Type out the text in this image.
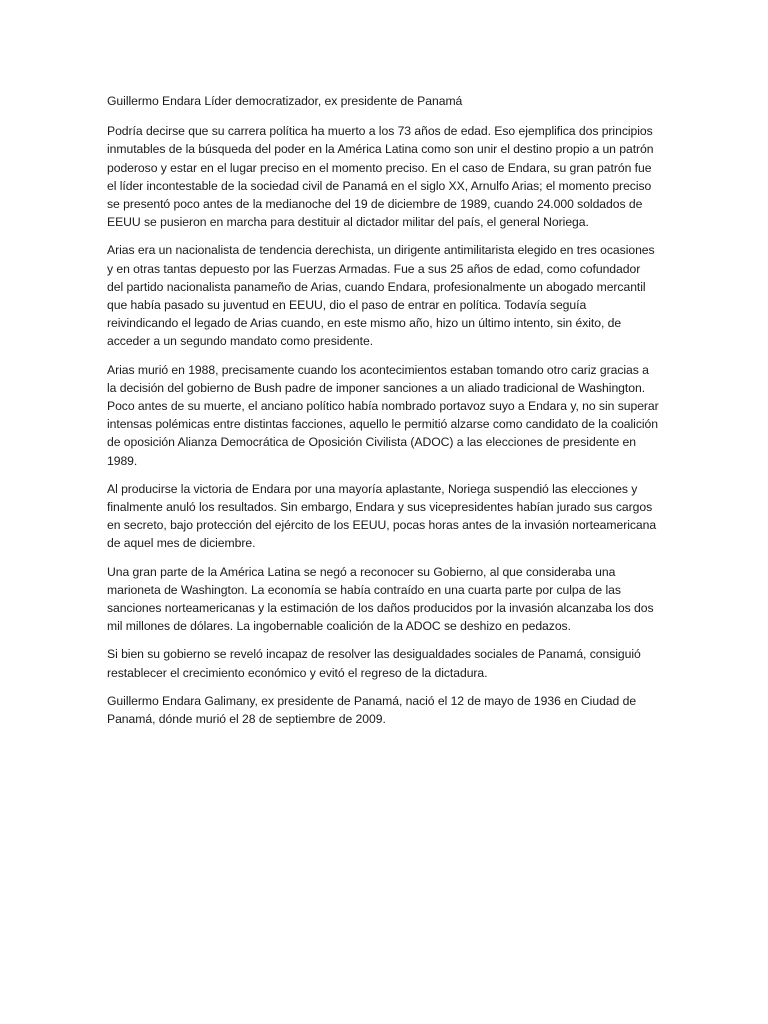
Guillermo Endara Líder democratizador, ex presidente de Panamá

Podría decirse que su carrera política ha muerto a los 73 años de edad. Eso ejemplifica dos principios inmutables de la búsqueda del poder en la América Latina como son unir el destino propio a un patrón poderoso y estar en el lugar preciso en el momento preciso. En el caso de Endara, su gran patrón fue el líder incontestable de la sociedad civil de Panamá en el siglo XX, Arnulfo Arias; el momento preciso se presentó poco antes de la medianoche del 19 de diciembre de 1989, cuando 24.000 soldados de EEUU se pusieron en marcha para destituir al dictador militar del país, el general Noriega.

Arias era un nacionalista de tendencia derechista, un dirigente antimilitarista elegido en tres ocasiones y en otras tantas depuesto por las Fuerzas Armadas. Fue a sus 25 años de edad, como cofundador del partido nacionalista panameño de Arias, cuando Endara, profesionalmente un abogado mercantil que había pasado su juventud en EEUU, dio el paso de entrar en política. Todavía seguía reivindicando el legado de Arias cuando, en este mismo año, hizo un último intento, sin éxito, de acceder a un segundo mandato como presidente.

Arias murió en 1988, precisamente cuando los acontecimientos estaban tomando otro cariz gracias a la decisión del gobierno de Bush padre de imponer sanciones a un aliado tradicional de Washington. Poco antes de su muerte, el anciano político había nombrado portavoz suyo a Endara y, no sin superar intensas polémicas entre distintas facciones, aquello le permitió alzarse como candidato de la coalición de oposición Alianza Democrática de Oposición Civilista (ADOC) a las elecciones de presidente en 1989.

Al producirse la victoria de Endara por una mayoría aplastante, Noriega suspendió las elecciones y finalmente anuló los resultados. Sin embargo, Endara y sus vicepresidentes habían jurado sus cargos en secreto, bajo protección del ejército de los EEUU, pocas horas antes de la invasión norteamericana de aquel mes de diciembre.

Una gran parte de la América Latina se negó a reconocer su Gobierno, al que consideraba una marioneta de Washington. La economía se había contraído en una cuarta parte por culpa de las sanciones norteamericanas y la estimación de los daños producidos por la invasión alcanzaba los dos mil millones de dólares. La ingobernable coalición de la ADOC se deshizo en pedazos.

Si bien su gobierno se reveló incapaz de resolver las desigualdades sociales de Panamá, consiguió restablecer el crecimiento económico y evitó el regreso de la dictadura.

Guillermo Endara Galimany, ex presidente de Panamá, nació el 12 de mayo de 1936 en Ciudad de Panamá, dónde murió el 28 de septiembre de 2009.
